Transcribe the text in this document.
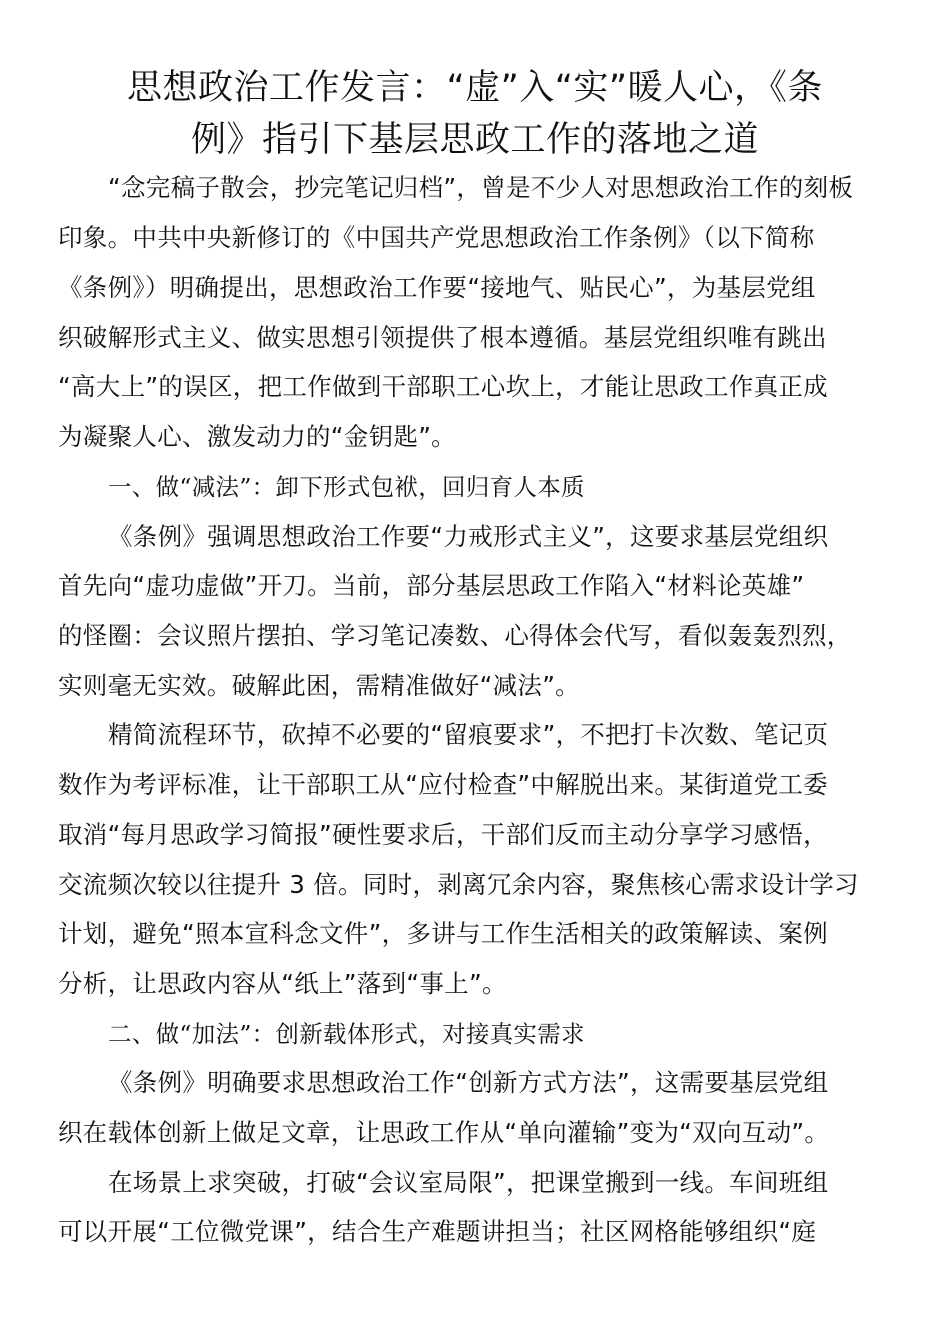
思想政治工作发言：“虚”入“实”暖人心，《条
例》指引下基层思政工作的落地之道
“念完稿子散会，抄完笔记归档”，曾是不少人对思想政治工作的刻板
印象。中共中央新修订的《中国共产党思想政治工作条例》（以下简称
《条例》）明确提出，思想政治工作要“接地气、贴民心”，为基层党组
织破解形式主义、做实思想引领提供了根本遵循。基层党组织唯有跳出
“高大上”的误区，把工作做到干部职工心坎上，才能让思政工作真正成
为凝聚人心、激发动力的“金钥匙”。
一、做“减法”：卸下形式包袱，回归育人本质
《条例》强调思想政治工作要“力戒形式主义”，这要求基层党组织
首先向“虚功虚做”开刀。当前，部分基层思政工作陷入“材料论英雄”
的怪圈：会议照片摆拍、学习笔记凑数、心得体会代写，看似轰轰烈烈，
实则毫无实效。破解此困，需精准做好“减法”。
精简流程环节，砍掉不必要的“留痕要求”，不把打卡次数、笔记页
数作为考评标准，让干部职工从“应付检查”中解脱出来。某街道党工委
取消“每月思政学习简报”硬性要求后，干部们反而主动分享学习感悟，
交流频次较以往提升 3 倍。同时，剥离冗余内容，聚焦核心需求设计学习
计划，避免“照本宣科念文件”，多讲与工作生活相关的政策解读、案例
分析，让思政内容从“纸上”落到“事上”。
二、做“加法”：创新载体形式，对接真实需求
《条例》明确要求思想政治工作“创新方式方法”，这需要基层党组
织在载体创新上做足文章，让思政工作从“单向灌输”变为“双向互动”。
在场景上求突破，打破“会议室局限”，把课堂搬到一线。车间班组
可以开展“工位微党课”，结合生产难题讲担当；社区网格能够组织“庭
